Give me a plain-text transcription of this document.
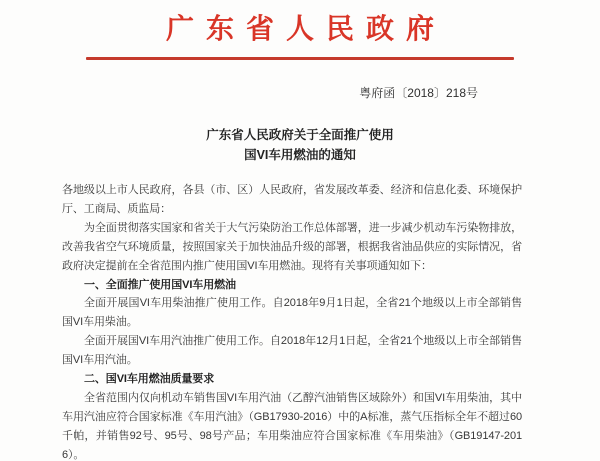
广东省人民政府
粤府函〔2018〕218号
广东省人民政府关于全面推广使用
国VI车用燃油的通知

各地级以上市人民政府，各县（市、区）人民政府，省发展改革委、经济和信息化委、环境保护厅、工商局、质监局：

为全面贯彻落实国家和省关于大气污染防治工作总体部署，进一步减少机动车污染物排放，改善我省空气环境质量，按照国家关于加快油品升级的部署，根据我省油品供应的实际情况，省政府决定提前在全省范围内推广使用国VI车用燃油。现将有关事项通知如下：

一、全面推广使用国VI车用燃油

全面开展国VI车用柴油推广使用工作。自2018年9月1日起，全省21个地级以上市全部销售国VI车用柴油。

全面开展国VI车用汽油推广使用工作。自2018年12月1日起，全省21个地级以上市全部销售国VI车用汽油。

二、国VI车用燃油质量要求

全省范围内仅向机动车销售国VI车用汽油（乙醇汽油销售区域除外）和国VI车用柴油，其中车用汽油应符合国家标准《车用汽油》（GB17930-2016）中的A标准，蒸气压指标全年不超过60千帕，并销售92号、95号、98号产品；车用柴油应符合国家标准《车用柴油》（GB19147-2016）。
